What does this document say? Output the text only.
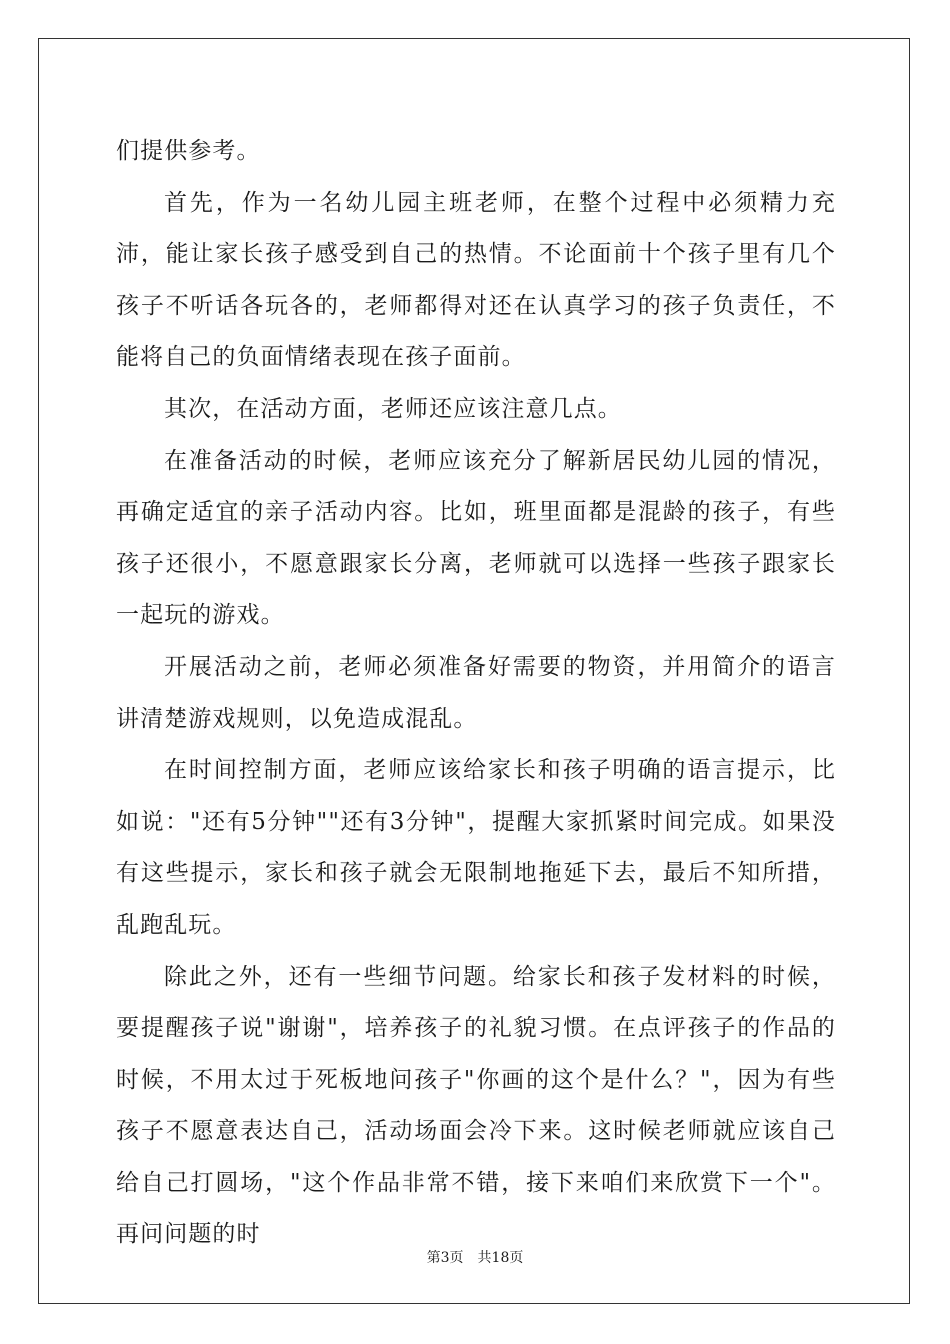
们提供参考。

首先，作为一名幼儿园主班老师，在整个过程中必须精力充沛，能让家长孩子感受到自己的热情。不论面前十个孩子里有几个孩子不听话各玩各的，老师都得对还在认真学习的孩子负责任，不能将自己的负面情绪表现在孩子面前。

其次，在活动方面，老师还应该注意几点。

在准备活动的时候，老师应该充分了解新居民幼儿园的情况，再确定适宜的亲子活动内容。比如，班里面都是混龄的孩子，有些孩子还很小，不愿意跟家长分离，老师就可以选择一些孩子跟家长一起玩的游戏。

开展活动之前，老师必须准备好需要的物资，并用简介的语言讲清楚游戏规则，以免造成混乱。

在时间控制方面，老师应该给家长和孩子明确的语言提示，比如说："还有5分钟""还有3分钟"，提醒大家抓紧时间完成。如果没有这些提示，家长和孩子就会无限制地拖延下去，最后不知所措，乱跑乱玩。

除此之外，还有一些细节问题。给家长和孩子发材料的时候，要提醒孩子说"谢谢"，培养孩子的礼貌习惯。在点评孩子的作品的时候，不用太过于死板地问孩子"你画的这个是什么？"，因为有些孩子不愿意表达自己，活动场面会冷下来。这时候老师就应该自己给自己打圆场，"这个作品非常不错，接下来咱们来欣赏下一个"。再问问题的时

第3页 共18页
